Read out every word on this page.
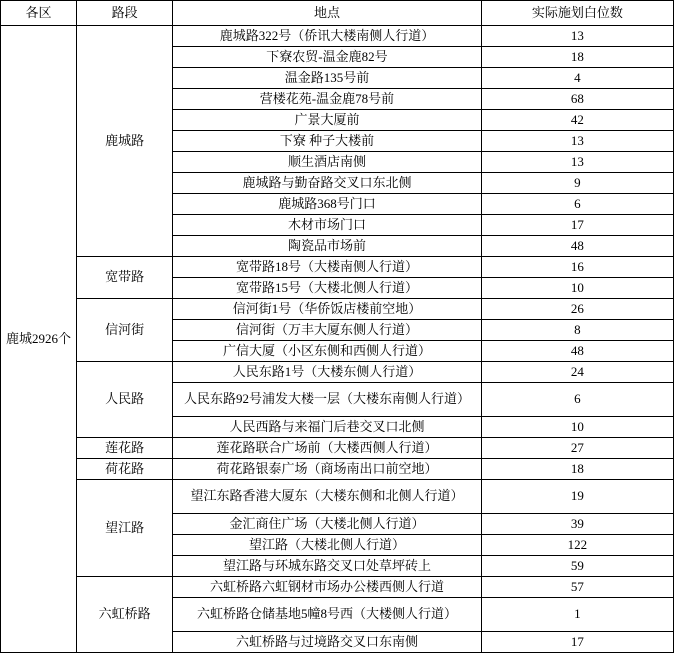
各区	路段	地点	实际施划白位数
鹿城2926个	鹿城路	鹿城路322号（侨讯大楼南侧人行道）	13
		下寮农贸-温金鹿82号	18
		温金路135号前	4
		营楼花苑-温金鹿78号前	68
		广景大厦前	42
		下寮 种子大楼前	13
		顺生酒店南侧	13
		鹿城路与勤奋路交叉口东北侧	9
		鹿城路368号门口	6
		木材市场门口	17
		陶瓷品市场前	48
	宽带路	宽带路18号（大楼南侧人行道）	16
		宽带路15号（大楼北侧人行道）	10
	信河街	信河街1号（华侨饭店楼前空地）	26
		信河街（万丰大厦东侧人行道）	8
		广信大厦（小区东侧和西侧人行道）	48
	人民路	人民东路1号（大楼东侧人行道）	24
		人民东路92号浦发大楼一层（大楼东南侧人行道）	6
		人民西路与来福门后巷交叉口北侧	10
	莲花路	莲花路联合广场前（大楼西侧人行道）	27
	荷花路	荷花路银泰广场（商场南出口前空地）	18
	望江路	望江东路香港大厦东（大楼东侧和北侧人行道）	19
		金汇商住广场（大楼北侧人行道）	39
		望江路（大楼北侧人行道）	122
		望江路与环城东路交叉口处草坪砖上	59
	六虹桥路	六虹桥路六虹钢材市场办公楼西侧人行道	57
		六虹桥路仓储基地5幢8号西（大楼侧人行道）	1
		六虹桥路与过境路交叉口东南侧	17
